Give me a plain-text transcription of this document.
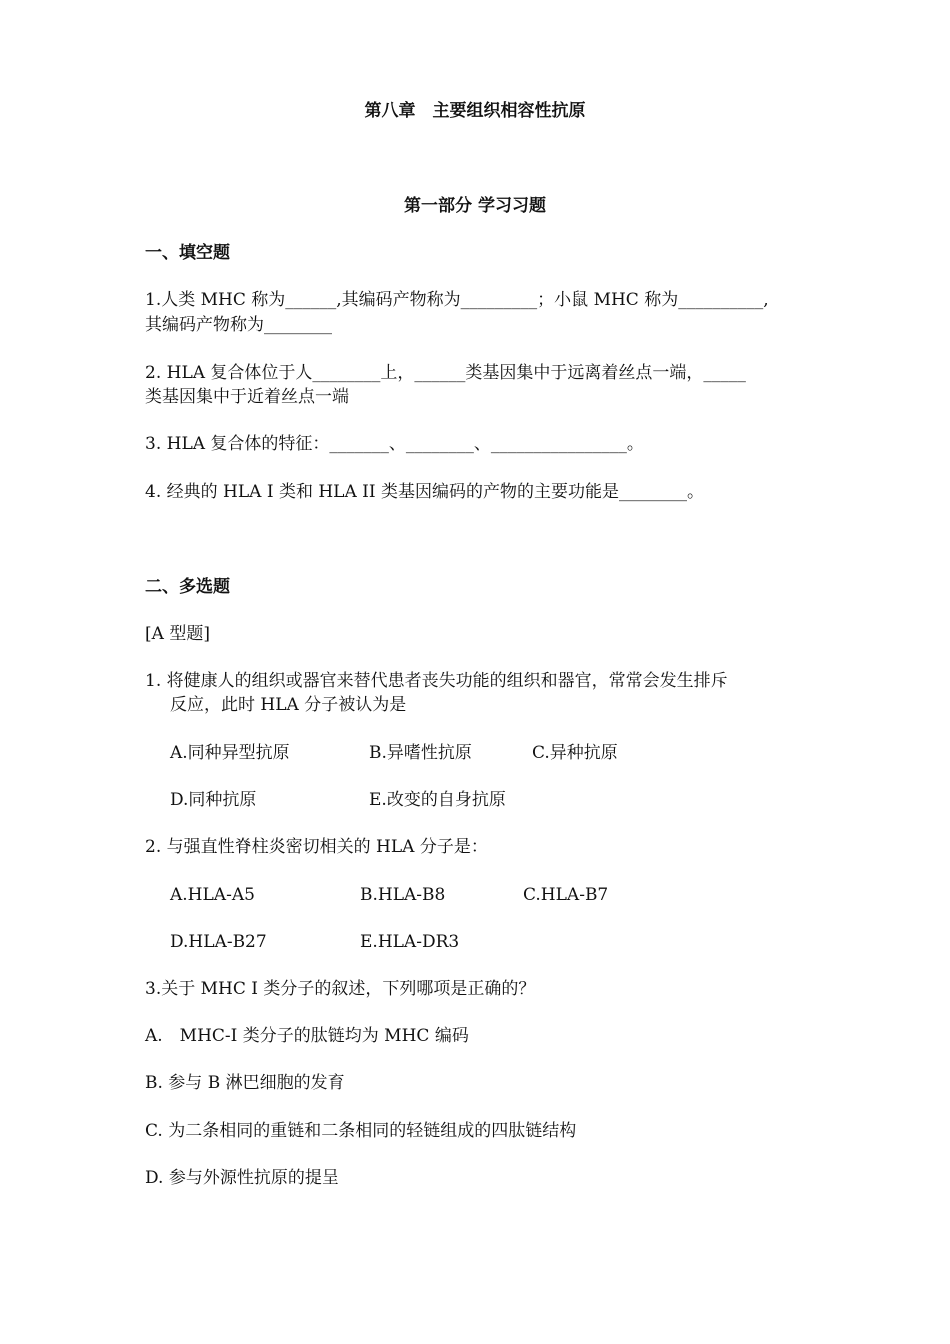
第八章　主要组织相容性抗原
第一部分 学习习题
一、填空题
1.人类 MHC 称为______,其编码产物称为_________；小鼠 MHC 称为__________,
其编码产物称为________
2. HLA 复合体位于人________上，______类基因集中于远离着丝点一端，_____
类基因集中于近着丝点一端
3. HLA 复合体的特征：_______、________、________________。
4. 经典的 HLA I 类和 HLA II 类基因编码的产物的主要功能是________。
二、多选题
[A 型题]
1. 将健康人的组织或器官来替代患者丧失功能的组织和器官，常常会发生排斥
反应，此时 HLA 分子被认为是
A.同种异型抗原	B.异嗜性抗原	C.异种抗原
D.同种抗原	E.改变的自身抗原
2. 与强直性脊柱炎密切相关的 HLA 分子是：
A.HLA-A5	B.HLA-B8	C.HLA-B7
D.HLA-B27	E.HLA-DR3
3.关于 MHC I 类分子的叙述，下列哪项是正确的？
A.　MHC-I 类分子的肽链均为 MHC 编码
B. 参与 B 淋巴细胞的发育
C. 为二条相同的重链和二条相同的轻链组成的四肽链结构
D. 参与外源性抗原的提呈
